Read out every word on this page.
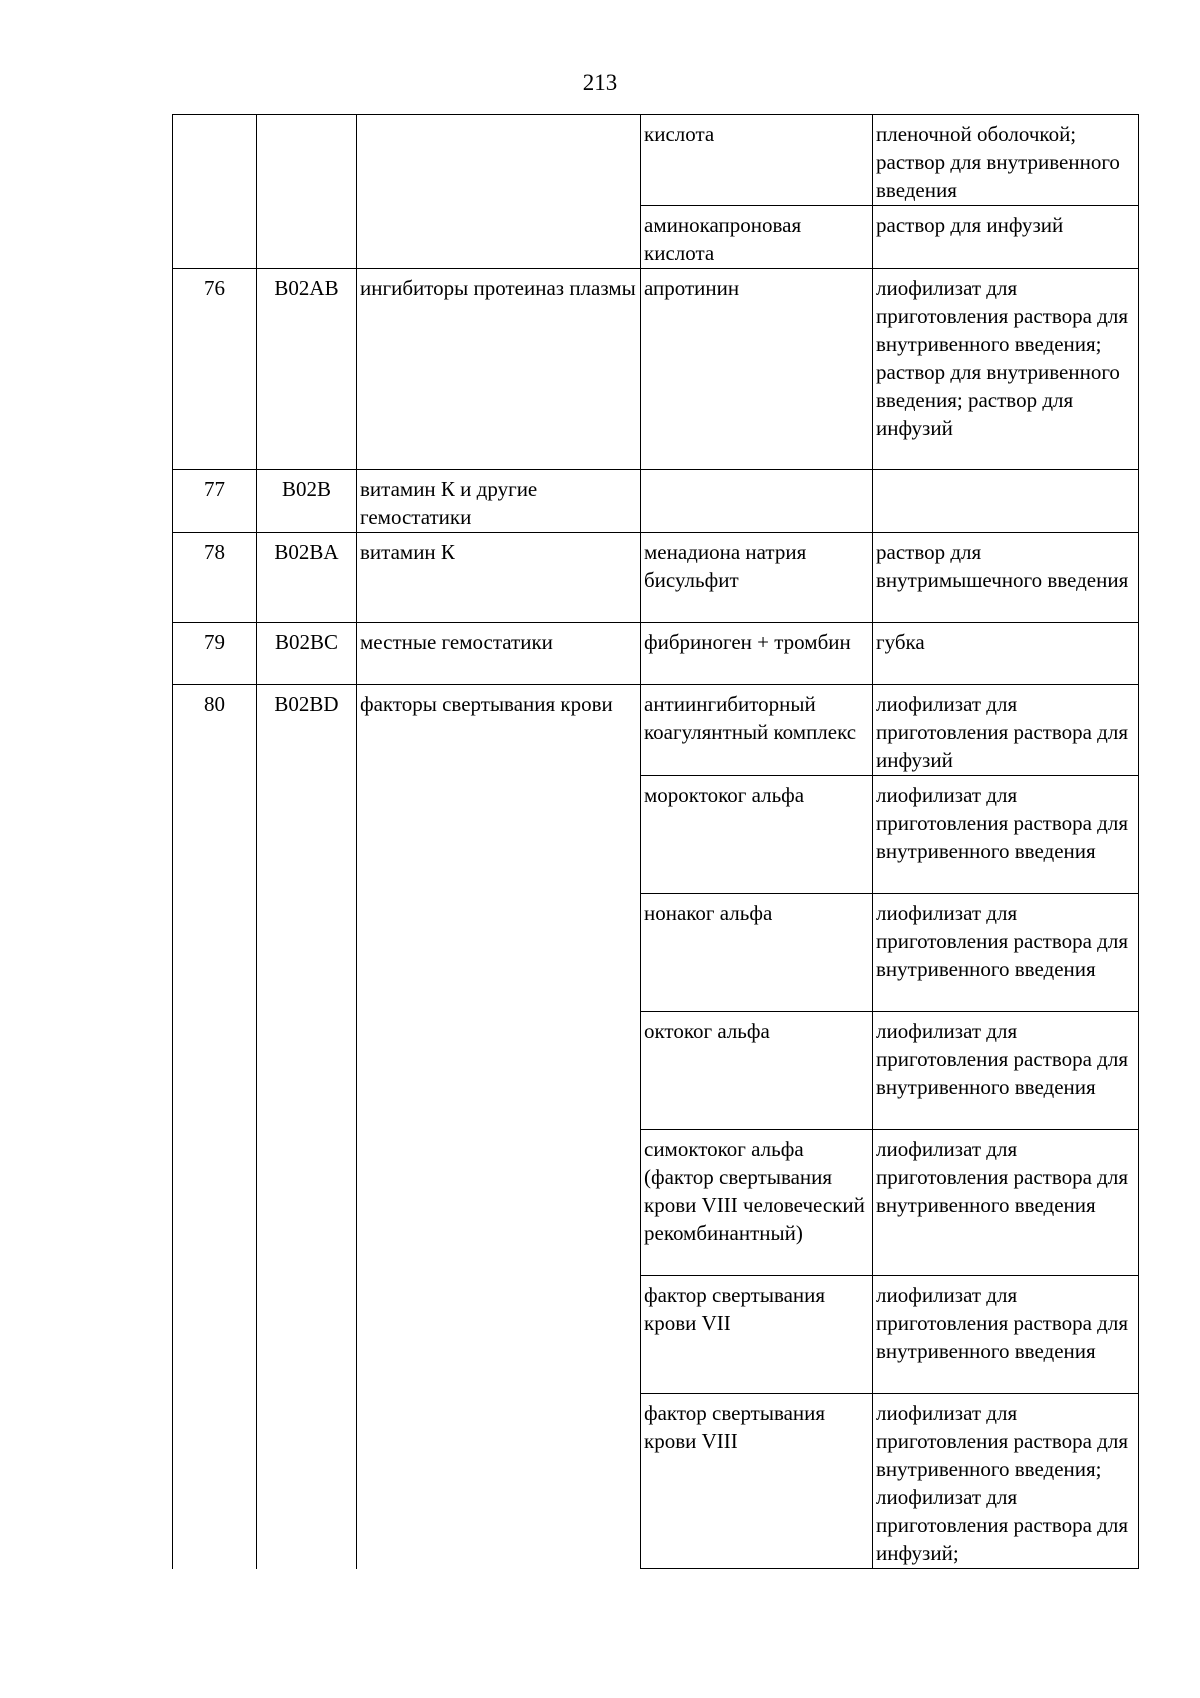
213

			кислота	пленочной оболочкой; раствор для внутривенного введения

			аминокапроновая кислота	раствор для инфузий

76	B02AB	ингибиторы протеиназ плазмы	апротинин	лиофилизат для приготовления раствора для внутривенного введения; раствор для внутривенного введения; раствор для инфузий

77	B02B	витамин К и другие гемостатики		

78	B02BA	витамин К	менадиона натрия бисульфит	раствор для внутримышечного введения

79	B02BC	местные гемостатики	фибриноген + тромбин	губка

80	B02BD	факторы свертывания крови	антиингибиторный коагулянтный комплекс	лиофилизат для приготовления раствора для инфузий

			мороктоког альфа	лиофилизат для приготовления раствора для внутривенного введения

			нонаког альфа	лиофилизат для приготовления раствора для внутривенного введения

			октоког альфа	лиофилизат для приготовления раствора для внутривенного введения

			симоктоког альфа (фактор свертывания крови VIII человеческий рекомбинантный)	лиофилизат для приготовления раствора для внутривенного введения

			фактор свертывания крови VII	лиофилизат для приготовления раствора для внутривенного введения

			фактор свертывания крови VIII	лиофилизат для приготовления раствора для внутривенного введения; лиофилизат для приготовления раствора для инфузий;
